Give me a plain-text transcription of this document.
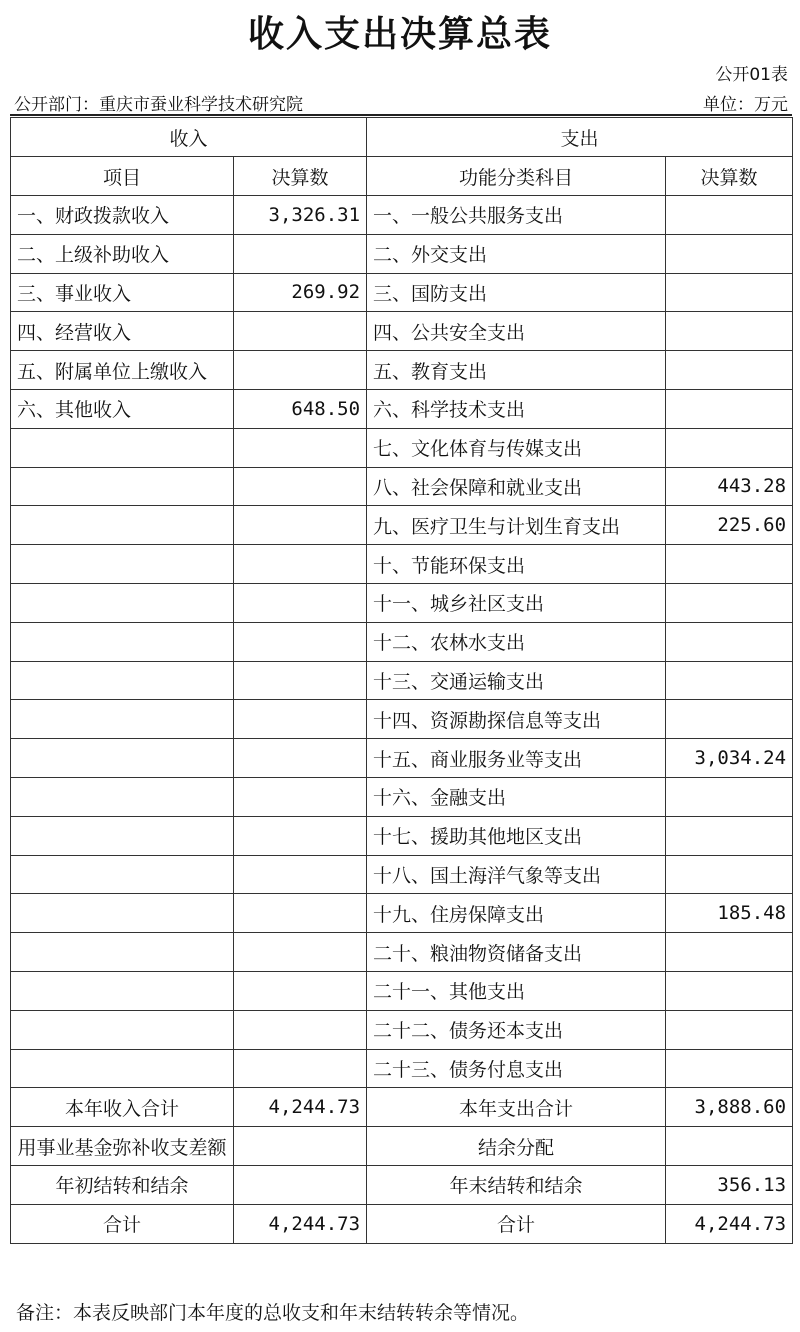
收入支出决算总表
公开01表
公开部门：重庆市蚕业科学技术研究院	单位：万元
收入		支出	
项目	决算数	功能分类科目	决算数
一、财政拨款收入	3,326.31	一、一般公共服务支出	
二、上级补助收入		二、外交支出	
三、事业收入	269.92	三、国防支出	
四、经营收入		四、公共安全支出	
五、附属单位上缴收入		五、教育支出	
六、其他收入	648.50	六、科学技术支出	
		七、文化体育与传媒支出	
		八、社会保障和就业支出	443.28
		九、医疗卫生与计划生育支出	225.60
		十、节能环保支出	
		十一、城乡社区支出	
		十二、农林水支出	
		十三、交通运输支出	
		十四、资源勘探信息等支出	
		十五、商业服务业等支出	3,034.24
		十六、金融支出	
		十七、援助其他地区支出	
		十八、国土海洋气象等支出	
		十九、住房保障支出	185.48
		二十、粮油物资储备支出	
		二十一、其他支出	
		二十二、债务还本支出	
		二十三、债务付息支出	
本年收入合计	4,244.73	本年支出合计	3,888.60
用事业基金弥补收支差额		结余分配	
年初结转和结余		年末结转和结余	356.13
合计	4,244.73	合计	4,244.73
备注：本表反映部门本年度的总收支和年末结转转余等情况。
